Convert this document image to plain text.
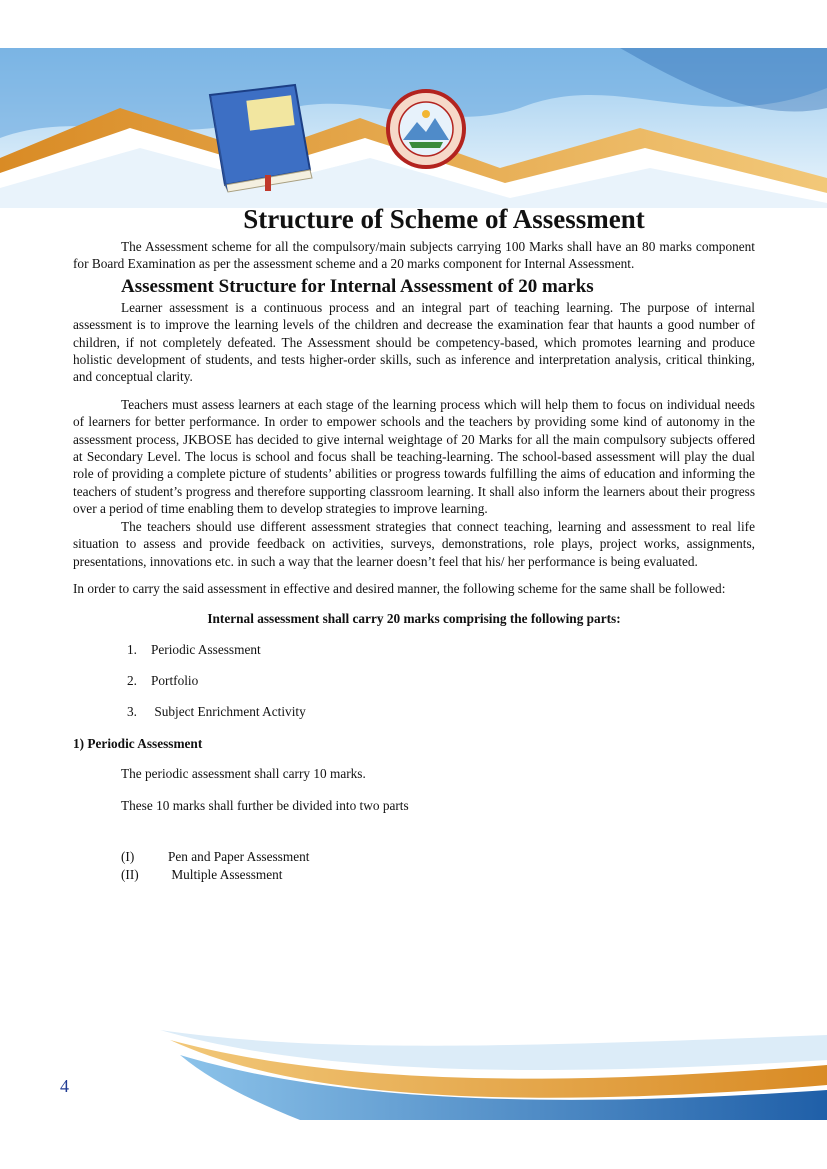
Structure of Scheme of Assessment

The Assessment scheme for all the compulsory/main subjects carrying 100 Marks shall have an 80 marks component for Board Examination as per the assessment scheme and a 20 marks component for Internal Assessment.

Assessment Structure for Internal Assessment of 20 marks

Learner assessment is a continuous process and an integral part of teaching learning. The purpose of internal assessment is to improve the learning levels of the children and decrease the examination fear that haunts a good number of children, if not completely defeated. The Assessment should be competency-based, which promotes learning and produce holistic development of students, and tests higher-order skills, such as inference and interpretation analysis, critical thinking, and conceptual clarity.

Teachers must assess learners at each stage of the learning process which will help them to focus on individual needs of learners for better performance. In order to empower schools and the teachers by providing some kind of autonomy in the assessment process, JKBOSE has decided to give internal weightage of 20 Marks for all the main compulsory subjects offered at Secondary Level. The locus is school and focus shall be teaching-learning. The school-based assessment will play the dual role of providing a complete picture of students’ abilities or progress towards fulfilling the aims of education and informing the teachers of student’s progress and therefore supporting classroom learning. It shall also inform the learners about their progress over a period of time enabling them to develop strategies to improve learning.

The teachers should use different assessment strategies that connect teaching, learning and assessment to real life situation to assess and provide feedback on activities, surveys, demonstrations, role plays, project works, assignments, presentations, innovations etc. in such a way that the learner doesn’t feel that his/ her performance is being evaluated.

In order to carry the said assessment in effective and desired manner, the following scheme for the same shall be followed:

Internal assessment shall carry 20 marks comprising the following parts:

1. Periodic Assessment
2. Portfolio
3. Subject Enrichment Activity

1) Periodic Assessment

The periodic assessment shall carry 10 marks.

These 10 marks shall further be divided into two parts

(I)	Pen and Paper Assessment

(II) Multiple Assessment

4
